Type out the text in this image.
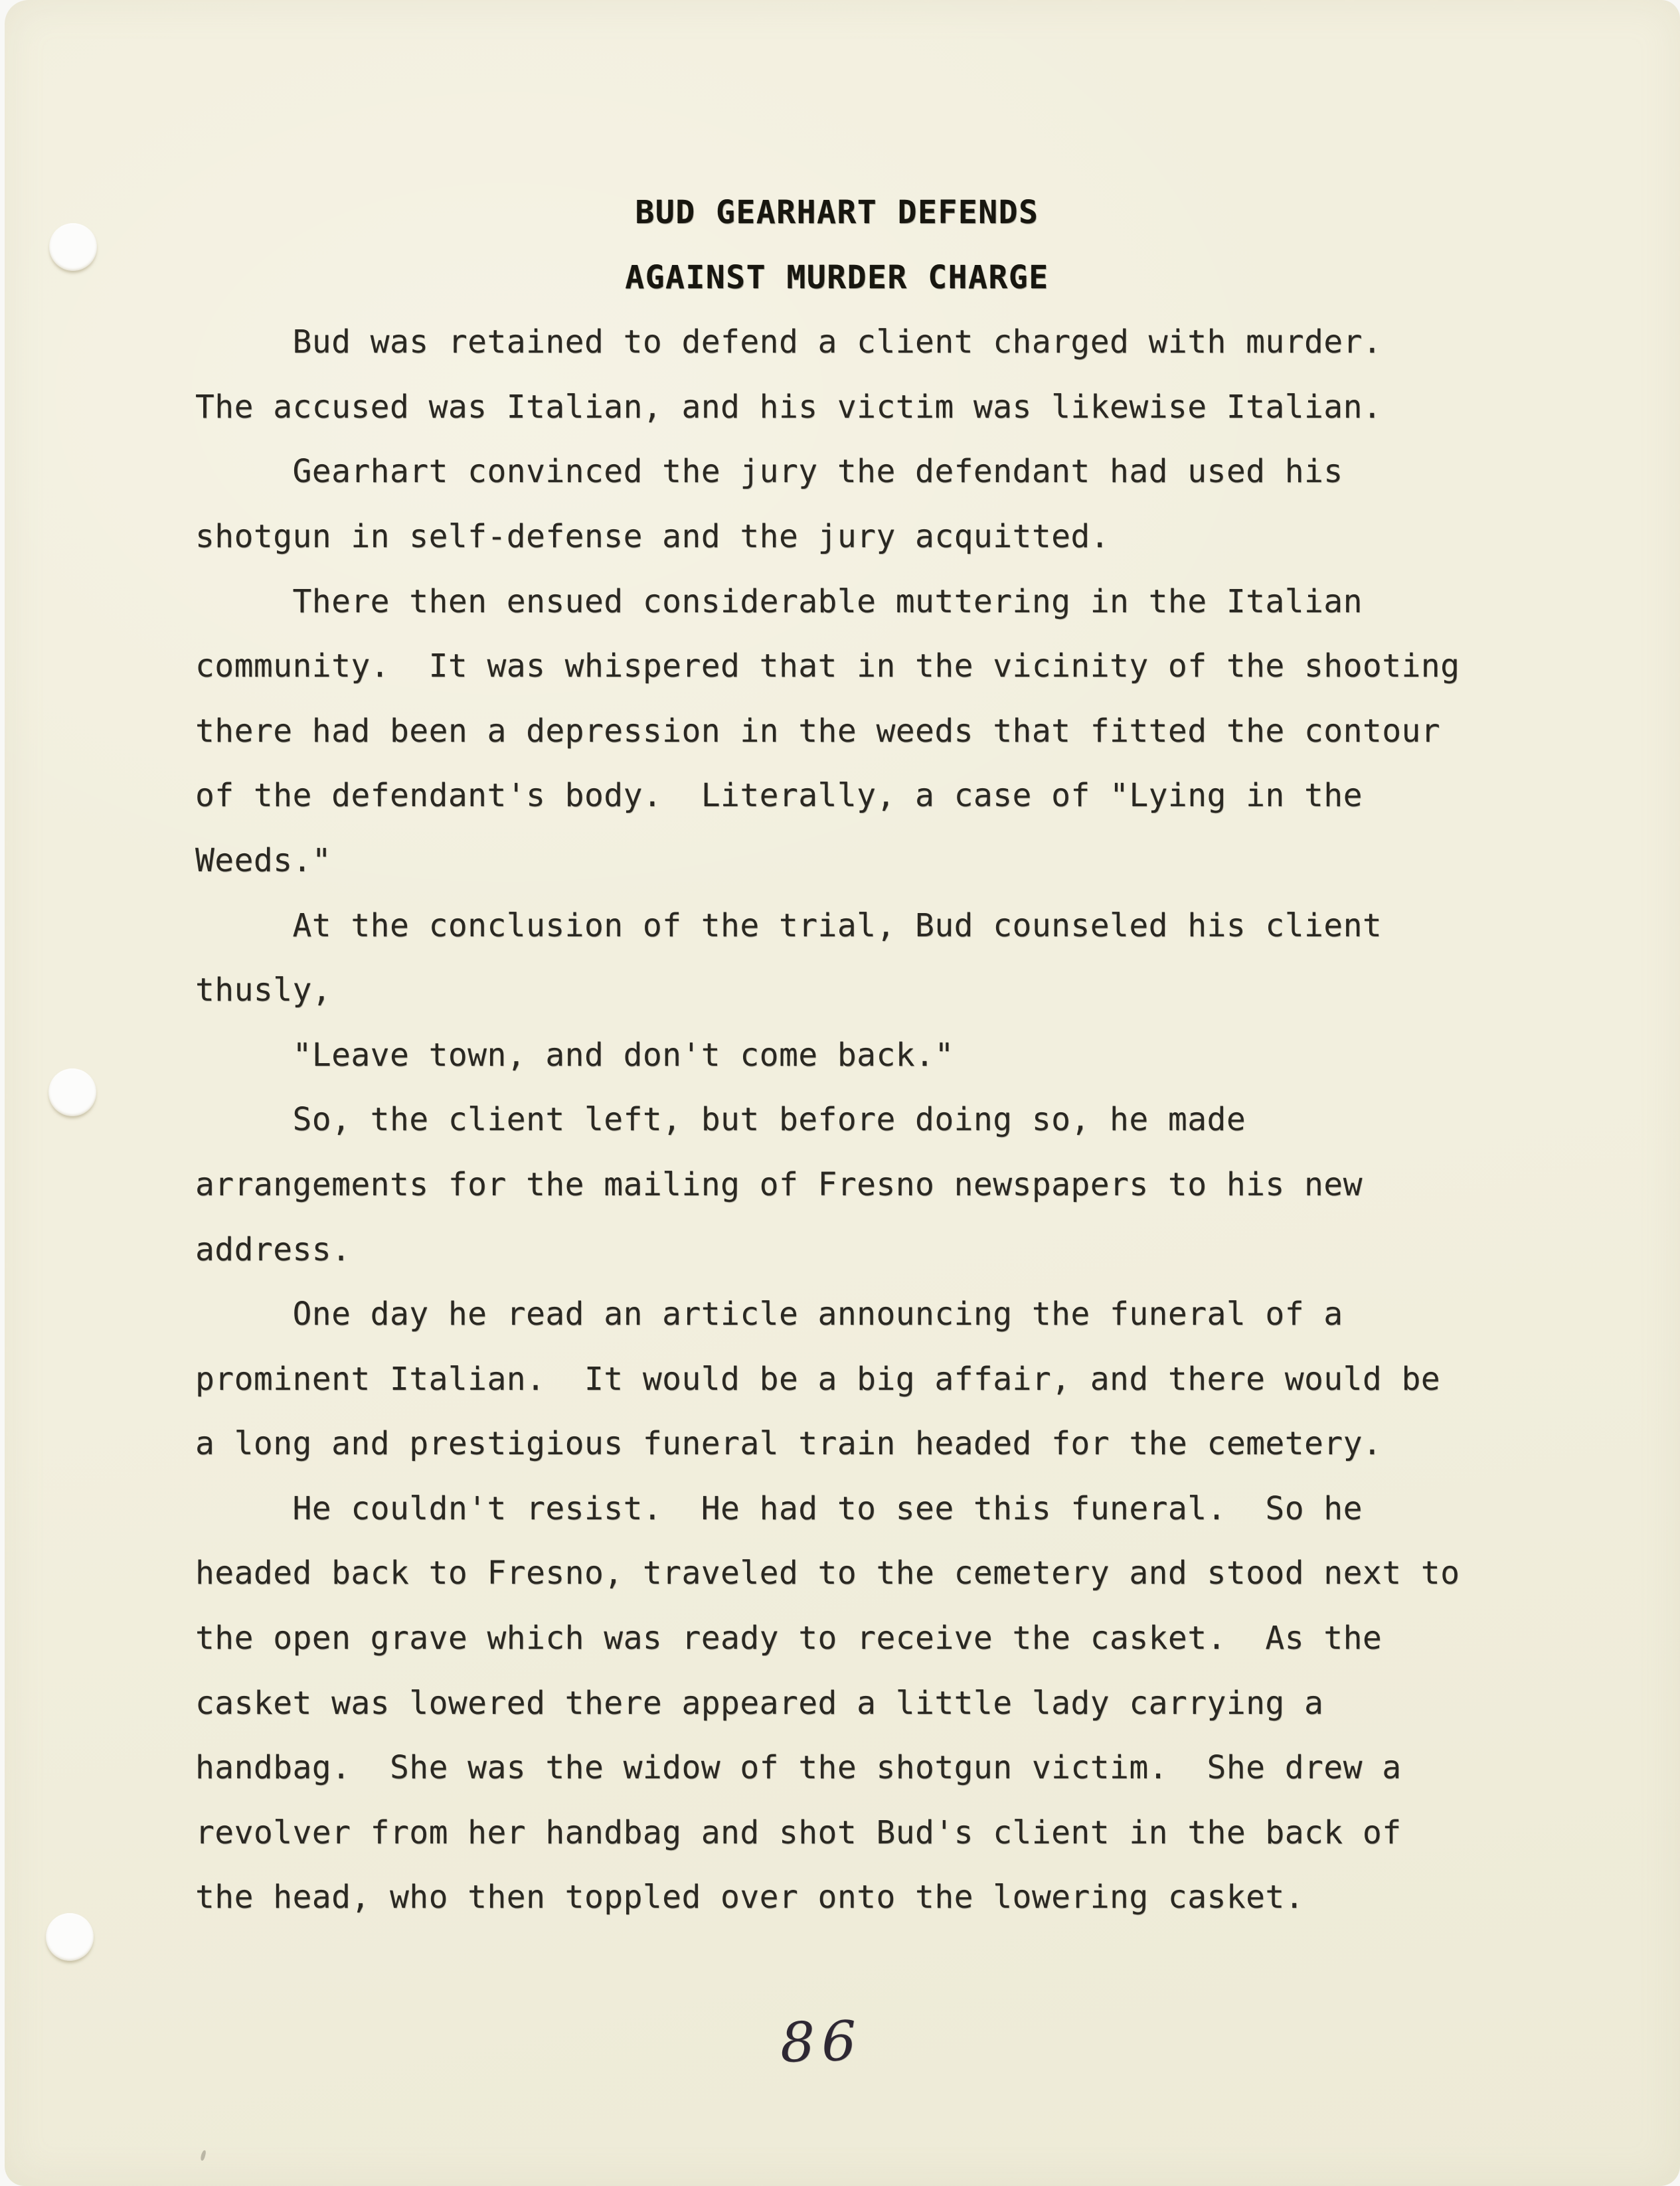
BUD GEARHART DEFENDS
AGAINST MURDER CHARGE
Bud was retained to defend a client charged with murder.
The accused was Italian, and his victim was likewise Italian.
Gearhart convinced the jury the defendant had used his
shotgun in self-defense and the jury acquitted.
There then ensued considerable muttering in the Italian
community.  It was whispered that in the vicinity of the shooting
there had been a depression in the weeds that fitted the contour
of the defendant's body.  Literally, a case of "Lying in the
Weeds."
At the conclusion of the trial, Bud counseled his client
thusly,
"Leave town, and don't come back."
So, the client left, but before doing so, he made
arrangements for the mailing of Fresno newspapers to his new
address.
One day he read an article announcing the funeral of a
prominent Italian.  It would be a big affair, and there would be
a long and prestigious funeral train headed for the cemetery.
He couldn't resist.  He had to see this funeral.  So he
headed back to Fresno, traveled to the cemetery and stood next to
the open grave which was ready to receive the casket.  As the
casket was lowered there appeared a little lady carrying a
handbag.  She was the widow of the shotgun victim.  She drew a
revolver from her handbag and shot Bud's client in the back of
the head, who then toppled over onto the lowering casket.
86
